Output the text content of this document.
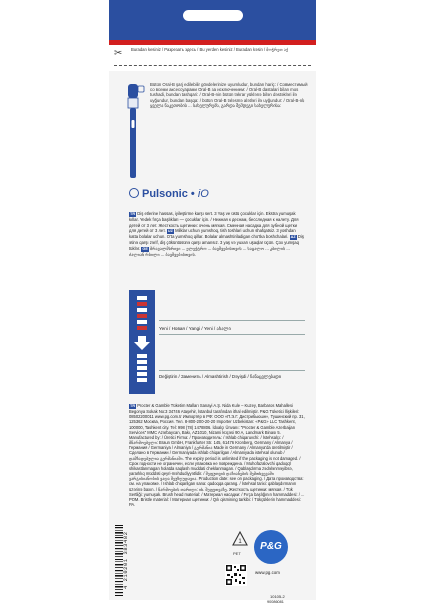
✂ Buradan kesiniz / Разрезать здесь / Bu yerden kesiniz / Buradan kəsin / მოჭრეთ აქ
Bütün Oral-B şarj edilebilir gövdelerinize uyumludur, bundan hariç: / Совместимый со всеми аксессуарами Oral-B за исключением: / Oral-B dastalari bilan mos tushadi, bundan tashqari: / Oral-B-nin bütün təkrar yüklənə bilən dəstəkləri ilə uyğundur, bundan başqa: / bütün Oral-B tələsmə alətləri ilə uyğundur: / Oral-B-ის ყველა ნაკეთობის ... სახელურებს, გარდა შემდეგი სახელურისა:
Pulsonic • iO
TR Diş etlerine hassas, iyileştirme karşı sert. 3 Yaş ve üstü çocuklar için. Ekstra yumuşak kıllar. Yedek fırça başlıkları — çocuklar için. / Нежная к деснам, бесследная к налету. Для детей от 3 лет. Жесткость щетинки: очень мягкая. Сменная насадка для зубной щетки для детей от 3 лет. UZ Milklar uchun yumshoq, tish toshlari uchun shafqatsiz. 3 yoshdan katta bolalar uchun. O‘ta yumshoq qillar. Bolalar almashtiriladigan cho‘tka boshchalari. AZ Diş ətinə qarşı zərif, diş çöküntüsünə qarşı amansız. 3 yaş və yuxarı uşaqlar üçün. Çox yumşaq tüklər. GE მრავალმხრივი ... ელექტრო ... ბავშვებისთვის ... საცალო ... კბილის ... ძალიან რბილი ... ბავშვებისთვის.
Yeni / Новая / Yangi / Yeni / ახალი
Değiştirin / Заменить / Almashtirish / Dəyişdi / ჩანაცვლებადი
TR Procter & Gamble Tüketim Malları Sanayi A.Ş. Nida Kule – Kuzey, Barbaros Mahallesi Begonya Sokak No:3 34746 Ataşehir, İstanbul tarafından ithal edilmiştir. P&G Tüketici İlişkileri: 08502200011 www.pg.com.tr Импортёр в РФ: ООО «П.Э.Г. Дистрибьюшн», Тушинский пр. 31, 125362 Москва, Россия. Тел. 8-800-200-20-20 Importer Uzbekistan: «P&G» LLC Tashkent, 100000, Tashkent city. Tel: 998 (78) 1478806. İdxalçı Ünvanı: "Procter & Gamble Azerbaijan Services" MMC Azərbaycan, Bakı, AZ1010, Nizami küçəsi 90 A, Landmark Binası 5. Manufactured by: / Üretici Firma: / Производитель: / Ishlab chiqaruvchi: / İstehsalçı: / მწარმოებელი: Braun GmbH, Frankfurter Str. 145, 61476 Kronberg, Germany / Almanya / Германия / Germaniya / Almaniya / გერმანია Made in Germany / Almanya'da üretilmiştir / Сделано в Германии / Germaniyada ishlab chiqarilgan / Almaniyada istehsal olunub / დამზადებულია გერმანიაში. The expiry period is unlimited if the packaging is not damaged. / Срок годности не ограничен, если упаковка не повреждена. / Muhofazalovchi qadoqq'i shikastlanmagan holatda saqlash muddati cheklanmagan. / Qablaşdırma zədələnməyibsə, yararlılıq müddəti qeyri-məhdudiyyətlidir. / შეფუთვის დაზიანების შემთხვევაში ვარგისიანობის ვადა შეუზღუდავია. Production date: see on packaging. / Дата производства: см. на упаковке. / Ishlab chiqarilgan sana: qadoqqa qarang. / İstehsal tarixi: qablaşdırmanın üzərinə baxın. / წარმოების თარიღი: იხ. შეფუთვაზე. Жесткость щетинки: мягкая. / Tük Sertliği: yumuşak. Brush head material: / Материал насадки: / Fırça başlığının hammaddesi: / ... POM. Bristle material: / Материал щетинки: / Qılı qismining tarkibi: / Tükçüklerin hammaddesi: PA.
4 210201 383482	1
PET
P&G
www.pg.com
10105-2
90086081
